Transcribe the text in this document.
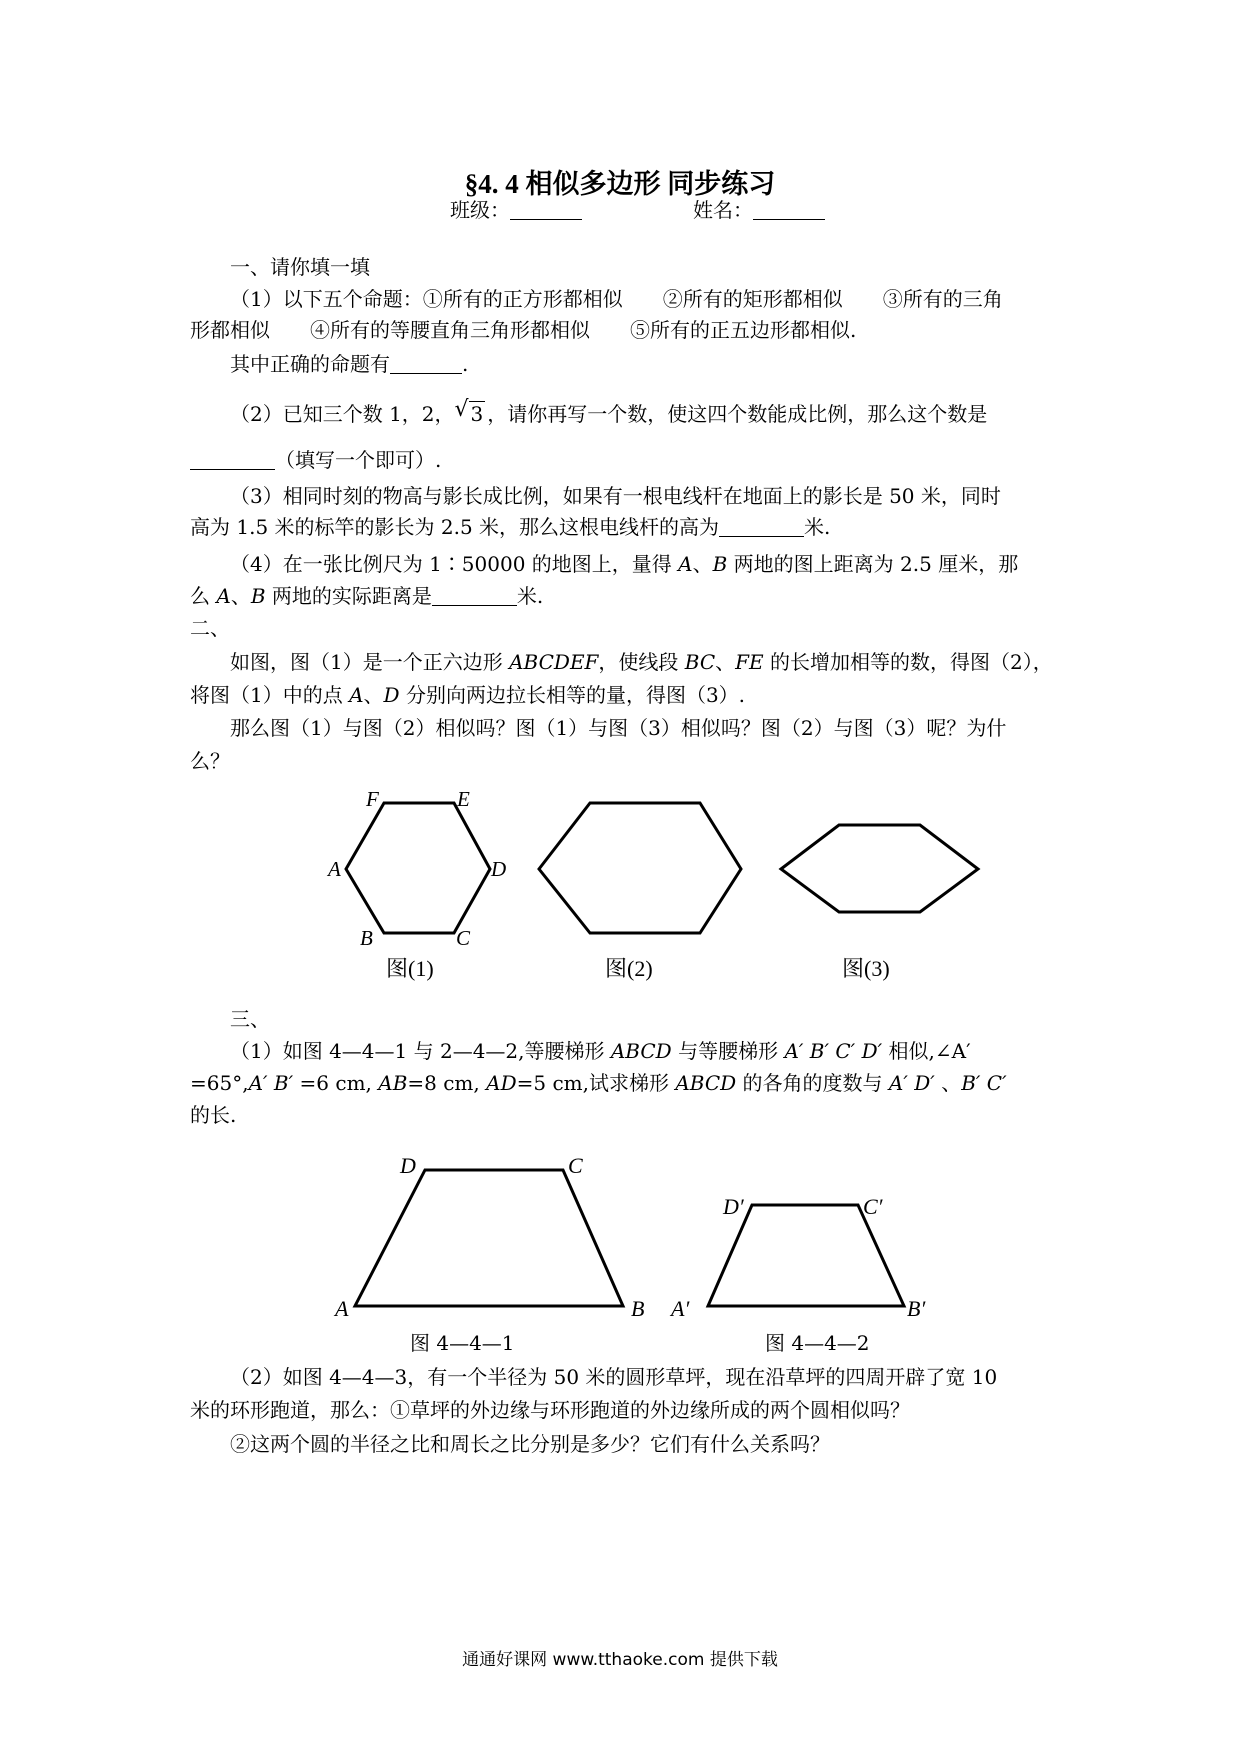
§4. 4 相似多边形 同步练习
班级：	姓名：
一、请你填一填
（1）以下五个命题：①所有的正方形都相似　　②所有的矩形都相似　　③所有的三角
形都相似　　④所有的等腰直角三角形都相似　　⑤所有的正五边形都相似.
其中正确的命题有	.
（2）已知三个数 1，2， √ 3 ，请你再写一个数，使这四个数能成比例，那么这个数是
（填写一个即可）.
（3）相同时刻的物高与影长成比例，如果有一根电线杆在地面上的影长是 50 米，同时
高为 1.5 米的标竿的影长为 2.5 米，那么这根电线杆的高为	米.
（4）在一张比例尺为 1∶50000 的地图上，量得 A、B 两地的图上距离为 2.5 厘米，那
么 A、B 两地的实际距离是	米.
二、
如图，图（1）是一个正六边形 ABCDEF，使线段 BC、FE 的长增加相等的数，得图（2），
将图（1）中的点 A、D 分别向两边拉长相等的量，得图（3）.
那么图（1）与图（2）相似吗？图（1）与图（3）相似吗？图（2）与图（3）呢？为什
么？
F	E
A	D
B	C
图(1)	图(2)	图(3)
三、
（1）如图 4—4—1 与 2—4—2,等腰梯形 ABCD 与等腰梯形 A′ B′ C′ D′ 相似,∠A′
=65°,A′ B′ =6 cm, AB=8 cm, AD=5 cm,试求梯形 ABCD 的各角的度数与 A′ D′ 、B′ C′
的长.
D	C
A	B
D′	C′
A′	B′
图 4—4—1	图 4—4—2
（2）如图 4—4—3，有一个半径为 50 米的圆形草坪，现在沿草坪的四周开辟了宽 10
米的环形跑道，那么：①草坪的外边缘与环形跑道的外边缘所成的两个圆相似吗？
②这两个圆的半径之比和周长之比分别是多少？它们有什么关系吗？
通通好课网 www.tthaoke.com 提供下载
